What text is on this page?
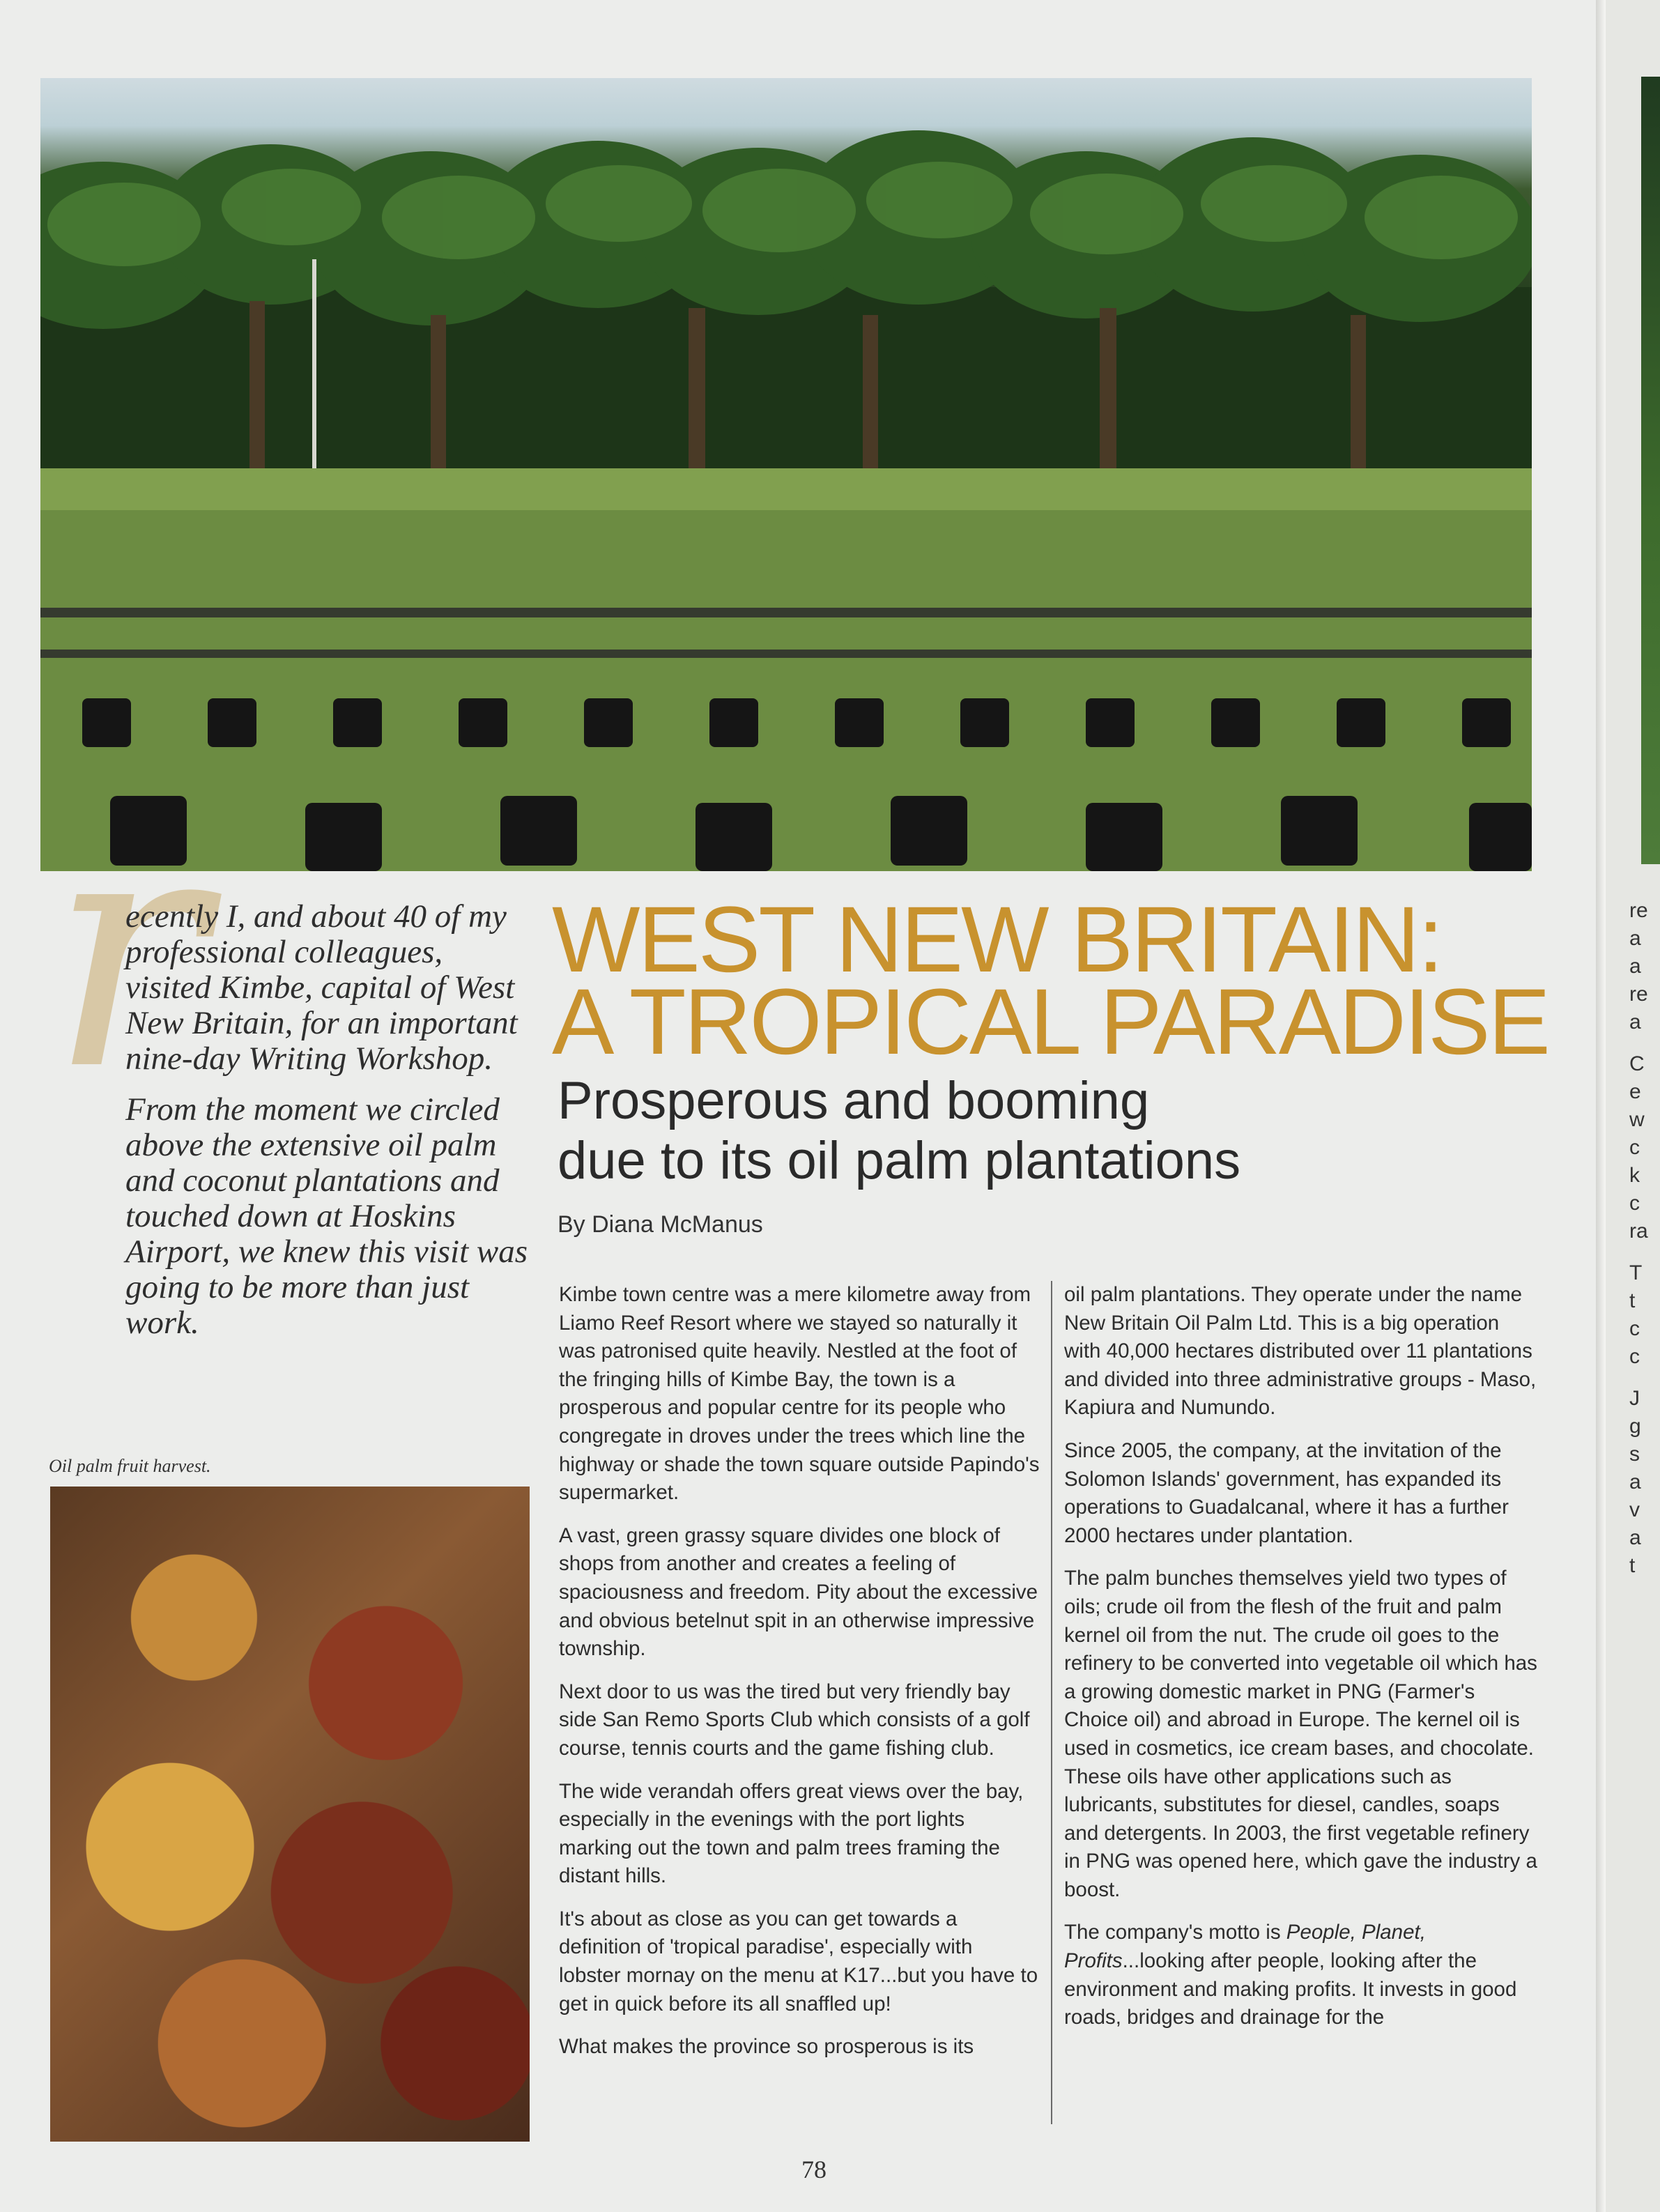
re
a
a
re
a
C
e
w
c
k
c
ra
T
t
c
c
J
g
s
a
v
a
t
r

ecently I, and about 40 of my professional colleagues, visited Kimbe, capital of West New Britain, for an important nine-day Writing Workshop.

From the moment we circled above the extensive oil palm and coconut plantations and touched down at Hoskins Airport, we knew this visit was going to be more than just work.

WEST NEW BRITAIN:
A TROPICAL PARADISE
Prosperous and booming
due to its oil palm plantations
By Diana McManus
Oil palm fruit harvest.

Kimbe town centre was a mere kilometre away from Liamo Reef Resort where we stayed so naturally it was patronised quite heavily. Nestled at the foot of the fringing hills of Kimbe Bay, the town is a prosperous and popular centre for its people who congregate in droves under the trees which line the highway or shade the town square outside Papindo's supermarket.

A vast, green grassy square divides one block of shops from another and creates a feeling of spaciousness and freedom. Pity about the excessive and obvious betelnut spit in an otherwise impressive township.

Next door to us was the tired but very friendly bay side San Remo Sports Club which consists of a golf course, tennis courts and the game fishing club.

The wide verandah offers great views over the bay, especially in the evenings with the port lights marking out the town and palm trees framing the distant hills.

It's about as close as you can get towards a definition of 'tropical paradise', especially with lobster mornay on the menu at K17...but you have to get in quick before its all snaffled up!

What makes the province so prosperous is its

oil palm plantations. They operate under the name New Britain Oil Palm Ltd. This is a big operation with 40,000 hectares distributed over 11 plantations and divided into three administrative groups - Maso, Kapiura and Numundo.

Since 2005, the company, at the invitation of the Solomon Islands' government, has expanded its operations to Guadalcanal, where it has a further 2000 hectares under plantation.

The palm bunches themselves yield two types of oils; crude oil from the flesh of the fruit and palm kernel oil from the nut. The crude oil goes to the refinery to be converted into vegetable oil which has a growing domestic market in PNG (Farmer's Choice oil) and abroad in Europe. The kernel oil is used in cosmetics, ice cream bases, and chocolate. These oils have other applications such as lubricants, substitutes for diesel, candles, soaps and detergents. In 2003, the first vegetable refinery in PNG was opened here, which gave the industry a boost.

The company's motto is People, Planet, Profits...looking after people, looking after the environment and making profits. It invests in good roads, bridges and drainage for the

78
